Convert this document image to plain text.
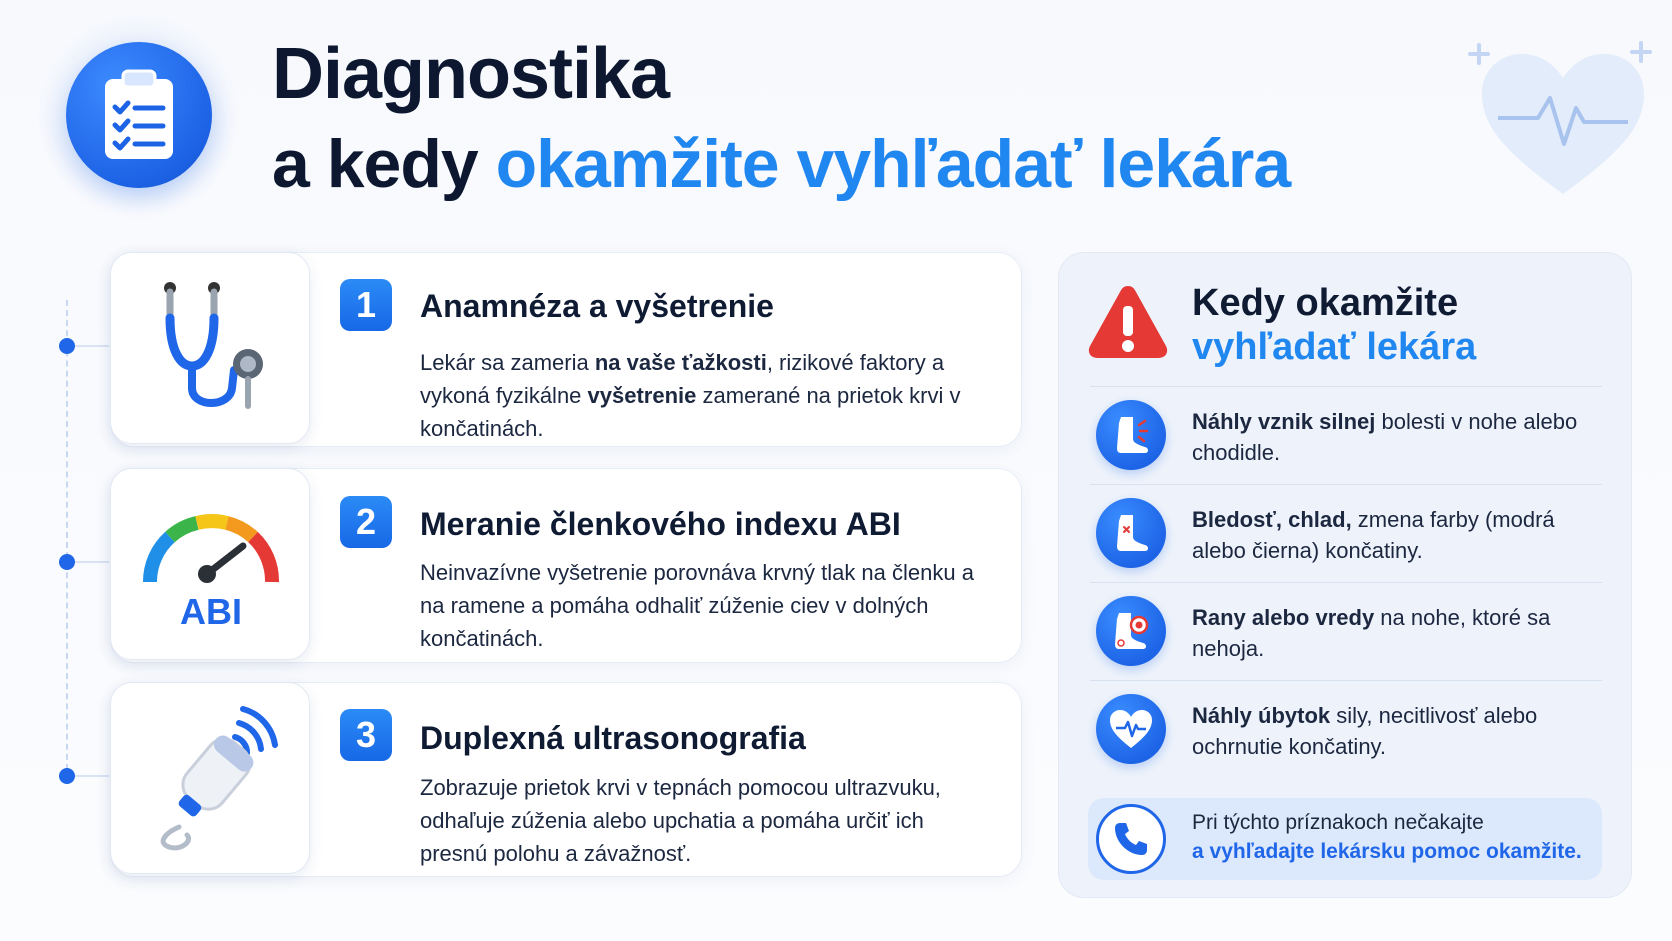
Diagnostika
a kedy okamžite vyhľadať lekára
1	Anamnéza a vyšetrenie
Lekár sa zameria na vaše ťažkosti, rizikové faktory a vykoná fyzikálne vyšetrenie zamerané na prietok krvi v končatinách.
ABI
2	Meranie členkového indexu ABI
Neinvazívne vyšetrenie porovnáva krvný tlak na členku a na ramene a pomáha odhaliť zúženie ciev v dolných končatinách.
3	Duplexná ultrasonografia
Zobrazuje prietok krvi v tepnách pomocou ultrazvuku, odhaľuje zúženia alebo upchatia a pomáha určiť ich presnú polohu a závažnosť.
Kedy okamžite
vyhľadať lekára
Náhly vznik silnej bolesti v nohe alebo chodidle.
Bledosť, chlad, zmena farby (modrá alebo čierna) končatiny.
Rany alebo vredy na nohe, ktoré sa nehoja.
Náhly úbytok sily, necitlivosť alebo ochrnutie končatiny.
Pri týchto príznakoch nečakajte
a vyhľadajte lekársku pomoc okamžite.
